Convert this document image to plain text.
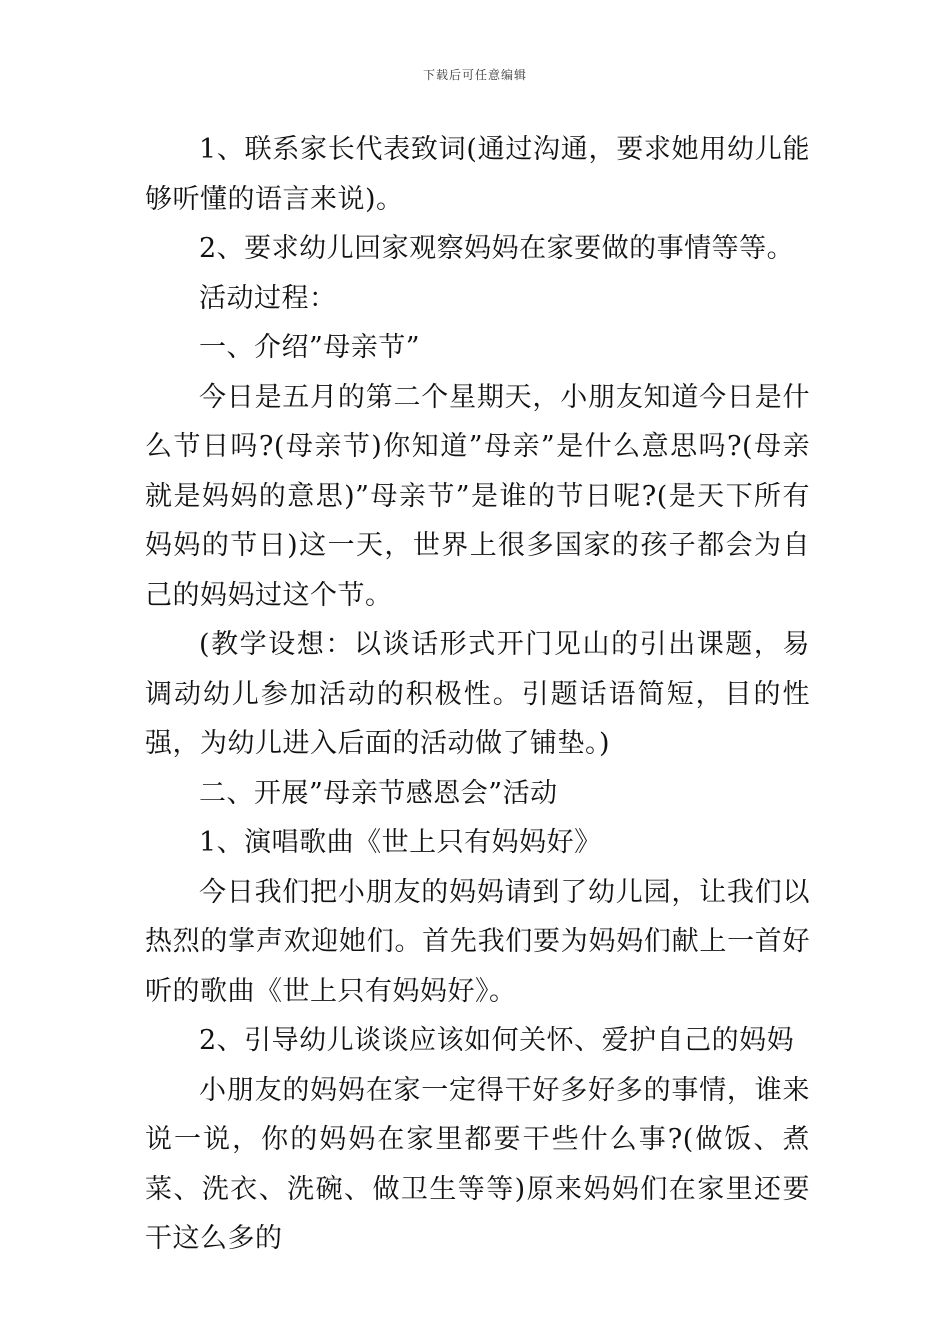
下载后可任意编辑

1、联系家长代表致词(通过沟通，要求她用幼儿能够听懂的语言来说)。

2、要求幼儿回家观察妈妈在家要做的事情等等。

活动过程：

一、介绍”母亲节”

今日是五月的第二个星期天，小朋友知道今日是什么节日吗?(母亲节)你知道”母亲”是什么意思吗?(母亲就是妈妈的意思)”母亲节”是谁的节日呢?(是天下所有妈妈的节日)这一天，世界上很多国家的孩子都会为自己的妈妈过这个节。

(教学设想：以谈话形式开门见山的引出课题，易调动幼儿参加活动的积极性。引题话语简短，目的性强，为幼儿进入后面的活动做了铺垫。)

二、开展”母亲节感恩会”活动

1、演唱歌曲《世上只有妈妈好》

今日我们把小朋友的妈妈请到了幼儿园，让我们以热烈的掌声欢迎她们。首先我们要为妈妈们献上一首好听的歌曲《世上只有妈妈好》。

2、引导幼儿谈谈应该如何关怀、爱护自己的妈妈

小朋友的妈妈在家一定得干好多好多的事情，谁来说一说，你的妈妈在家里都要干些什么事?(做饭、煮菜、洗衣、洗碗、做卫生等等)原来妈妈们在家里还要干这么多的
